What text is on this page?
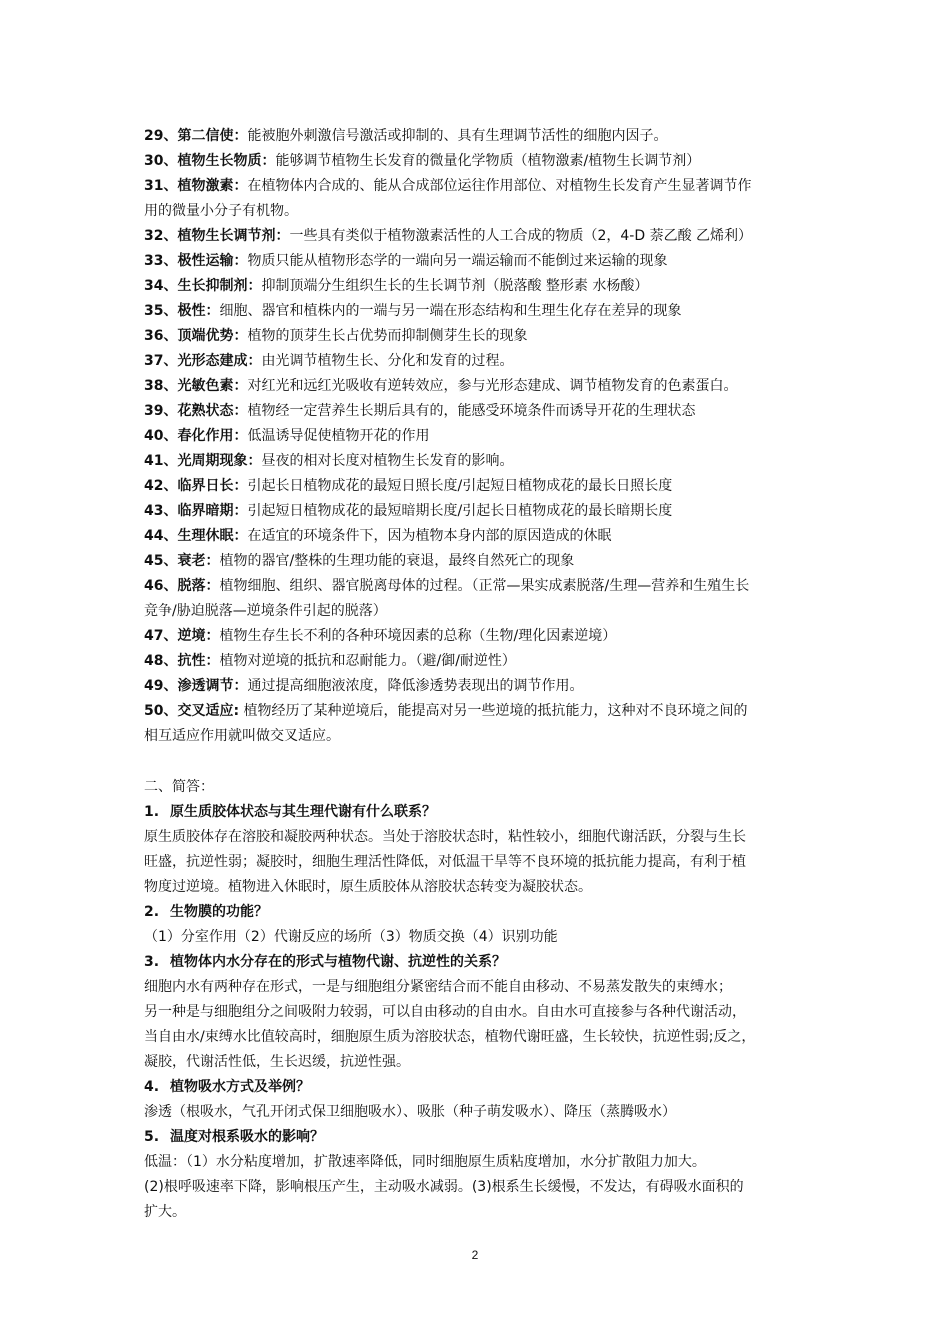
29、第二信使：能被胞外刺激信号激活或抑制的、具有生理调节活性的细胞内因子。
30、植物生长物质：能够调节植物生长发育的微量化学物质（植物激素/植物生长调节剂）
31、植物激素：在植物体内合成的、能从合成部位运往作用部位、对植物生长发育产生显著调节作
用的微量小分子有机物。
32、植物生长调节剂：一些具有类似于植物激素活性的人工合成的物质（2，4-D 萘乙酸 乙烯利）
33、极性运输：物质只能从植物形态学的一端向另一端运输而不能倒过来运输的现象
34、生长抑制剂：抑制顶端分生组织生长的生长调节剂（脱落酸 整形素 水杨酸）
35、极性：细胞、器官和植株内的一端与另一端在形态结构和生理生化存在差异的现象
36、顶端优势：植物的顶芽生长占优势而抑制侧芽生长的现象
37、光形态建成：由光调节植物生长、分化和发育的过程。
38、光敏色素：对红光和远红光吸收有逆转效应，参与光形态建成、调节植物发育的色素蛋白。
39、花熟状态：植物经一定营养生长期后具有的，能感受环境条件而诱导开花的生理状态
40、春化作用：低温诱导促使植物开花的作用
41、光周期现象：昼夜的相对长度对植物生长发育的影响。
42、临界日长：引起长日植物成花的最短日照长度/引起短日植物成花的最长日照长度
43、临界暗期：引起短日植物成花的最短暗期长度/引起长日植物成花的最长暗期长度
44、生理休眠：在适宜的环境条件下，因为植物本身内部的原因造成的休眠
45、衰老：植物的器官/整株的生理功能的衰退，最终自然死亡的现象
46、脱落：植物细胞、组织、器官脱离母体的过程。（正常—果实成素脱落/生理—营养和生殖生长
竞争/胁迫脱落—逆境条件引起的脱落）
47、逆境：植物生存生长不利的各种环境因素的总称（生物/理化因素逆境）
48、抗性：植物对逆境的抵抗和忍耐能力。（避/御/耐逆性）
49、渗透调节：通过提高细胞液浓度，降低渗透势表现出的调节作用。
50、交叉适应: 植物经历了某种逆境后，能提高对另一些逆境的抵抗能力，这种对不良环境之间的
相互适应作用就叫做交叉适应。
二、简答：
1. 原生质胶体状态与其生理代谢有什么联系？
原生质胶体存在溶胶和凝胶两种状态。当处于溶胶状态时，粘性较小，细胞代谢活跃，分裂与生长
旺盛，抗逆性弱；凝胶时，细胞生理活性降低，对低温干旱等不良环境的抵抗能力提高，有利于植
物度过逆境。植物进入休眠时，原生质胶体从溶胶状态转变为凝胶状态。
2. 生物膜的功能？
（1）分室作用（2）代谢反应的场所（3）物质交换（4）识别功能
3. 植物体内水分存在的形式与植物代谢、抗逆性的关系？
细胞内水有两种存在形式，一是与细胞组分紧密结合而不能自由移动、不易蒸发散失的束缚水；
另一种是与细胞组分之间吸附力较弱，可以自由移动的自由水。自由水可直接参与各种代谢活动，
当自由水/束缚水比值较高时，细胞原生质为溶胶状态，植物代谢旺盛，生长较快，抗逆性弱;反之，
凝胶，代谢活性低，生长迟缓，抗逆性强。
4. 植物吸水方式及举例？
渗透（根吸水，气孔开闭式保卫细胞吸水）、吸胀（种子萌发吸水）、降压（蒸腾吸水）
5. 温度对根系吸水的影响？
低温：（1）水分粘度增加，扩散速率降低，同时细胞原生质粘度增加，水分扩散阻力加大。
(2)根呼吸速率下降，影响根压产生，主动吸水减弱。(3)根系生长缓慢，不发达，有碍吸水面积的
扩大。
2
